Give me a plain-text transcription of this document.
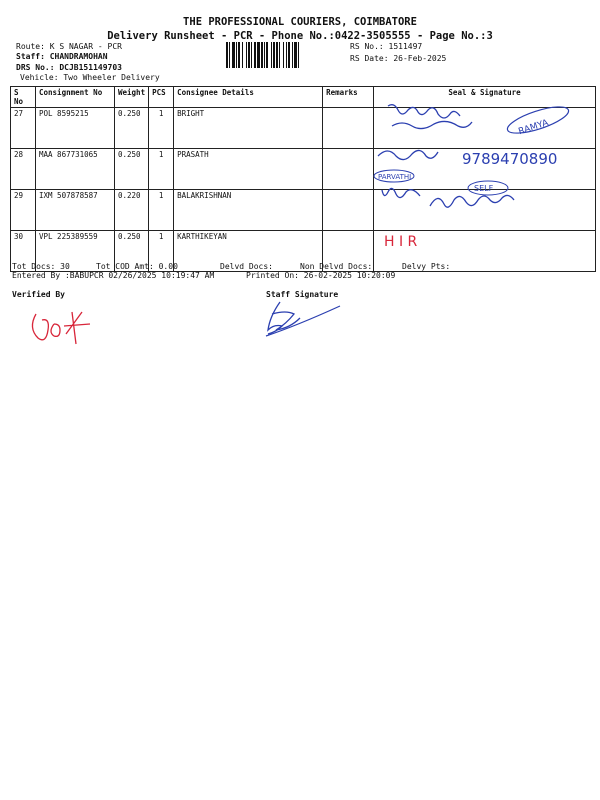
THE PROFESSIONAL COURIERS, COIMBATORE
Delivery Runsheet - PCR - Phone No.:0422-3505555 - Page No.:3
Route: K S NAGAR - PCR
Staff: CHANDRAMOHAN
DRS No.: DCJB151149703
Vehicle: Two Wheeler Delivery
RS No.: 1511497
RS Date: 26-Feb-2025
S No	Consignment No	Weight	PCS	Consignee Details	Remarks	Seal & Signature
27	POL 8595215	0.250	1	BRIGHT		
28	MAA 867731065	0.250	1	PRASATH		
29	IXM 507878587	0.220	1	BALAKRISHNAN		
30	VPL 225389559	0.250	1	KARTHIKEYAN		
RAMYA
9789470890
PARVATHI
SELF
H I R
Tot Docs: 30	Tot COD Amt: 0.00	Delvd Docs:	Non Delvd Docs:	Delvy Pts:
Entered By :BABUPCR 02/26/2025 10:19:47 AM	Printed On: 26-02-2025 10:20:09
Verified By	Staff Signature
